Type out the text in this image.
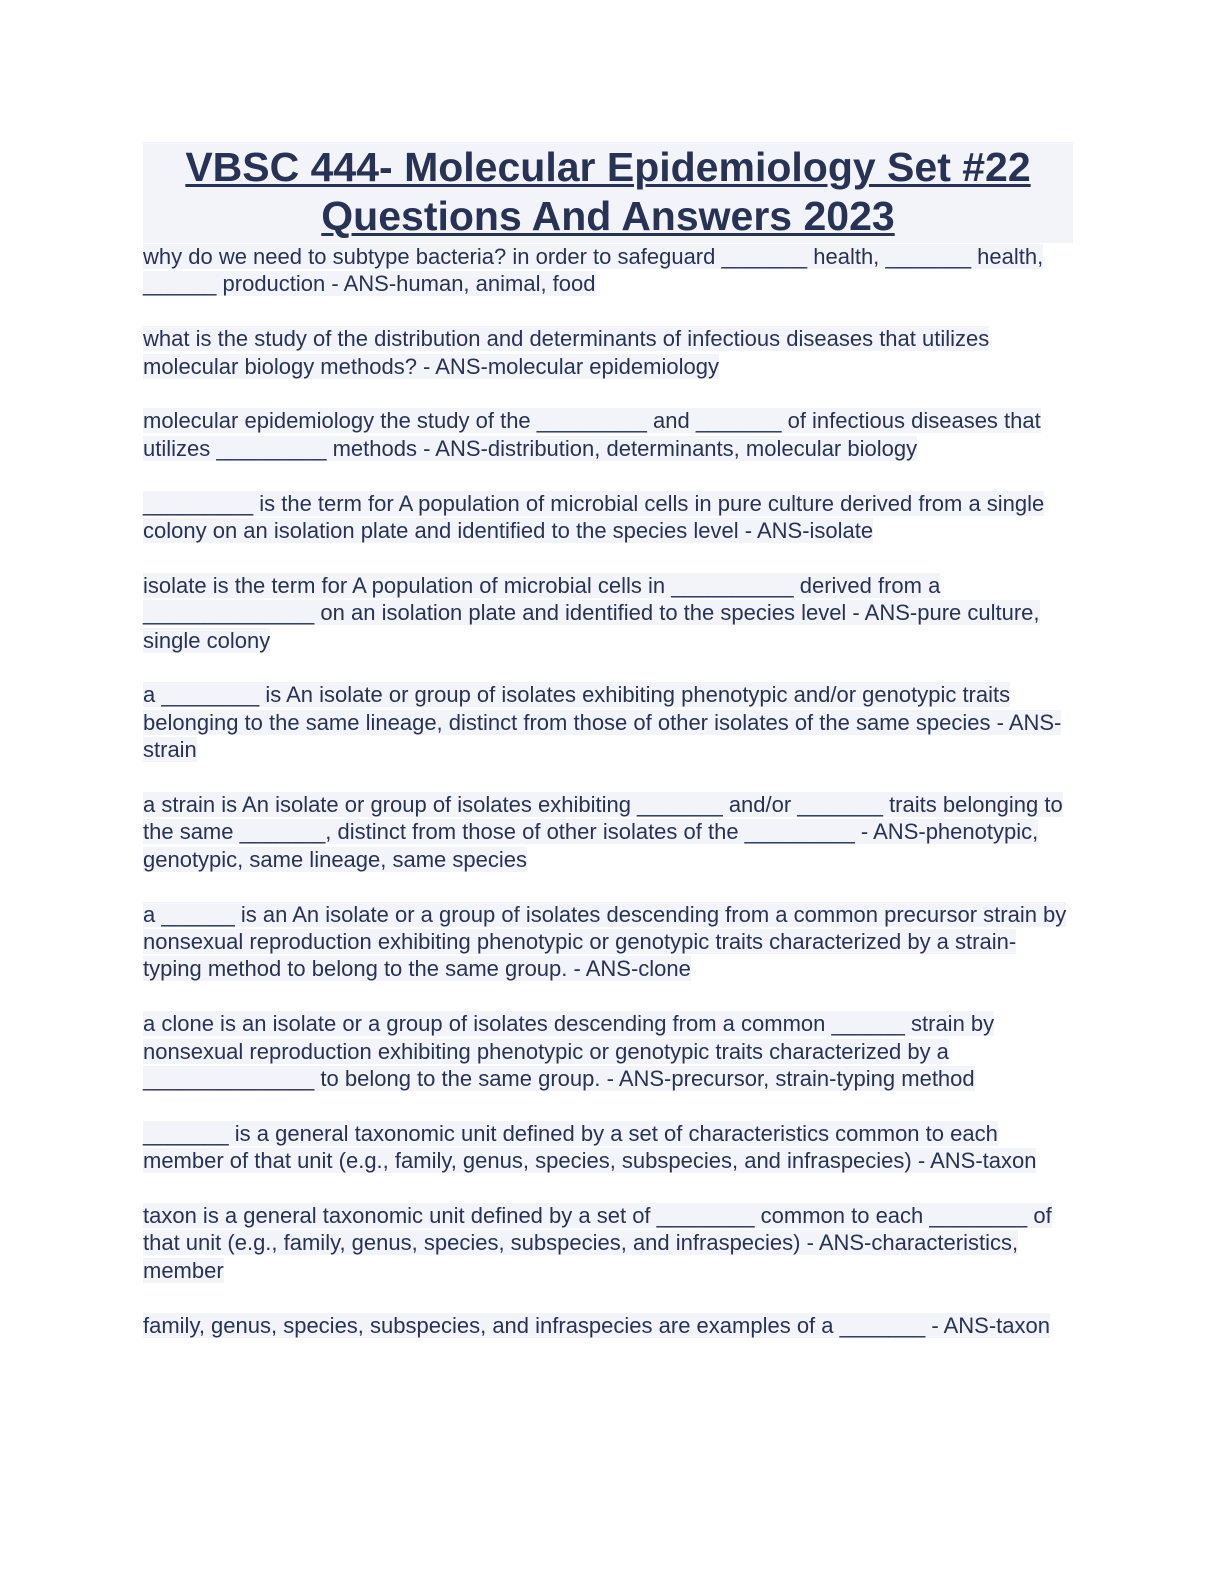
VBSC 444- Molecular Epidemiology Set #22
Questions And Answers 2023

why do we need to subtype bacteria? in order to safeguard _______ health, _______ health, ______ production - ANS-human, animal, food

what is the study of the distribution and determinants of infectious diseases that utilizes molecular biology methods? - ANS-molecular epidemiology

molecular epidemiology the study of the _________ and _______ of infectious diseases that utilizes _________ methods - ANS-distribution, determinants, molecular biology

_________ is the term for A population of microbial cells in pure culture derived from a single colony on an isolation plate and identified to the species level - ANS-isolate

isolate is the term for A population of microbial cells in __________ derived from a ______________ on an isolation plate and identified to the species level - ANS-pure culture, single colony

a ________ is An isolate or group of isolates exhibiting phenotypic and/or genotypic traits belonging to the same lineage, distinct from those of other isolates of the same species - ANS-strain

a strain is An isolate or group of isolates exhibiting _______ and/or _______ traits belonging to the same _______, distinct from those of other isolates of the _________ - ANS-phenotypic, genotypic, same lineage, same species

a ______ is an An isolate or a group of isolates descending from a common precursor strain by nonsexual reproduction exhibiting phenotypic or genotypic traits characterized by a strain-typing method to belong to the same group. - ANS-clone

a clone is an isolate or a group of isolates descending from a common ______ strain by nonsexual reproduction exhibiting phenotypic or genotypic traits characterized by a ______________ to belong to the same group. - ANS-precursor, strain-typing method

_______ is a general taxonomic unit defined by a set of characteristics common to each member of that unit (e.g., family, genus, species, subspecies, and infraspecies) - ANS-taxon

taxon is a general taxonomic unit defined by a set of ________ common to each ________ of that unit (e.g., family, genus, species, subspecies, and infraspecies) - ANS-characteristics, member

family, genus, species, subspecies, and infraspecies are examples of a _______ - ANS-taxon
